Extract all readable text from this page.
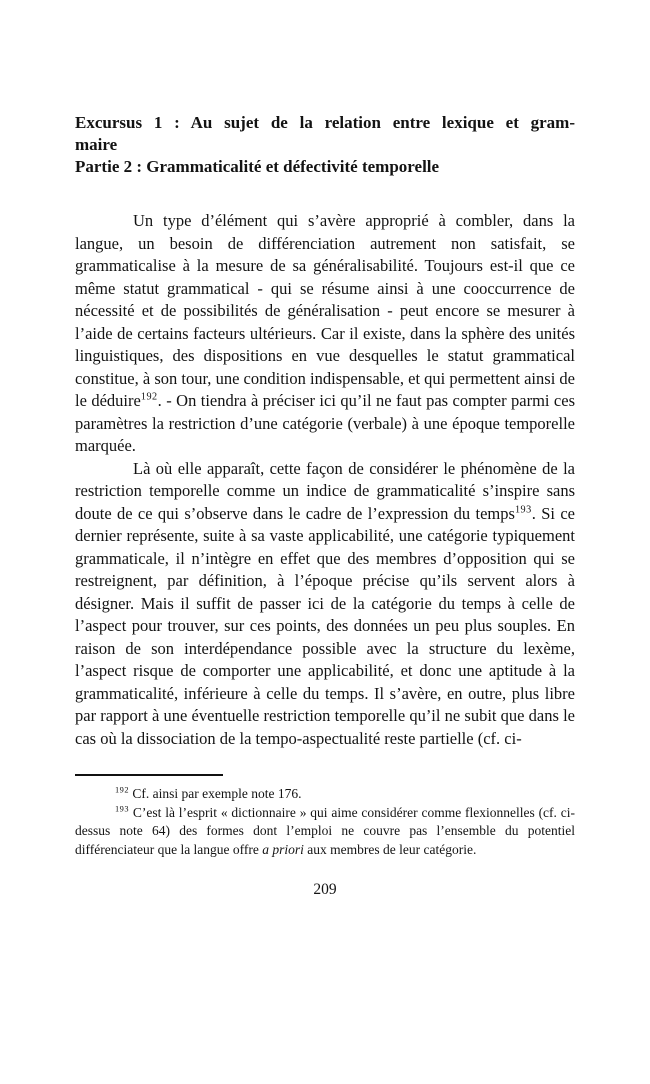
Excursus 1 : Au sujet de la relation entre lexique et gram-
maire
Partie 2 : Grammaticalité et défectivité temporelle

Un type d’élément qui s’avère approprié à combler, dans la langue, un besoin de différenciation autrement non satisfait, se grammaticalise à la mesure de sa généralisabilité. Toujours est-il que ce même statut grammatical - qui se résume ainsi à une cooccurrence de nécessité et de possibilités de généralisation - peut encore se mesurer à l’aide de certains facteurs ultérieurs. Car il existe, dans la sphère des unités linguistiques, des dispositions en vue desquelles le statut grammatical constitue, à son tour, une condition indispensable, et qui permettent ainsi de le déduire$^{192}$. - On tiendra à préciser ici qu’il ne faut pas compter parmi ces paramètres la restriction d’une catégorie (verbale) à une époque temporelle marquée.

Là où elle apparaît, cette façon de considérer le phénomène de la restriction temporelle comme un indice de grammaticalité s’inspire sans doute de ce qui s’observe dans le cadre de l’expression du temps$^{193}$. Si ce dernier représente, suite à sa vaste applicabilité, une catégorie typiquement grammaticale, il n’intègre en effet que des membres d’opposition qui se restreignent, par définition, à l’époque précise qu’ils servent alors à désigner. Mais il suffit de passer ici de la catégorie du temps à celle de l’aspect pour trouver, sur ces points, des données un peu plus souples. En raison de son interdépendance possible avec la structure du lexème, l’aspect risque de comporter une applicabilité, et donc une aptitude à la grammaticalité, inférieure à celle du temps. Il s’avère, en outre, plus libre par rapport à une éventuelle restriction temporelle qu’il ne subit que dans le cas où la dissociation de la tempo-aspectualité reste partielle (cf. ci-

$^{192}$ Cf. ainsi par exemple note 176.

$^{193}$ C’est là l’esprit « dictionnaire » qui aime considérer comme flexionnelles (cf. ci-dessus note 64) des formes dont l’emploi ne couvre pas l’ensemble du potentiel différenciateur que la langue offre a priori aux membres de leur catégorie.

209
